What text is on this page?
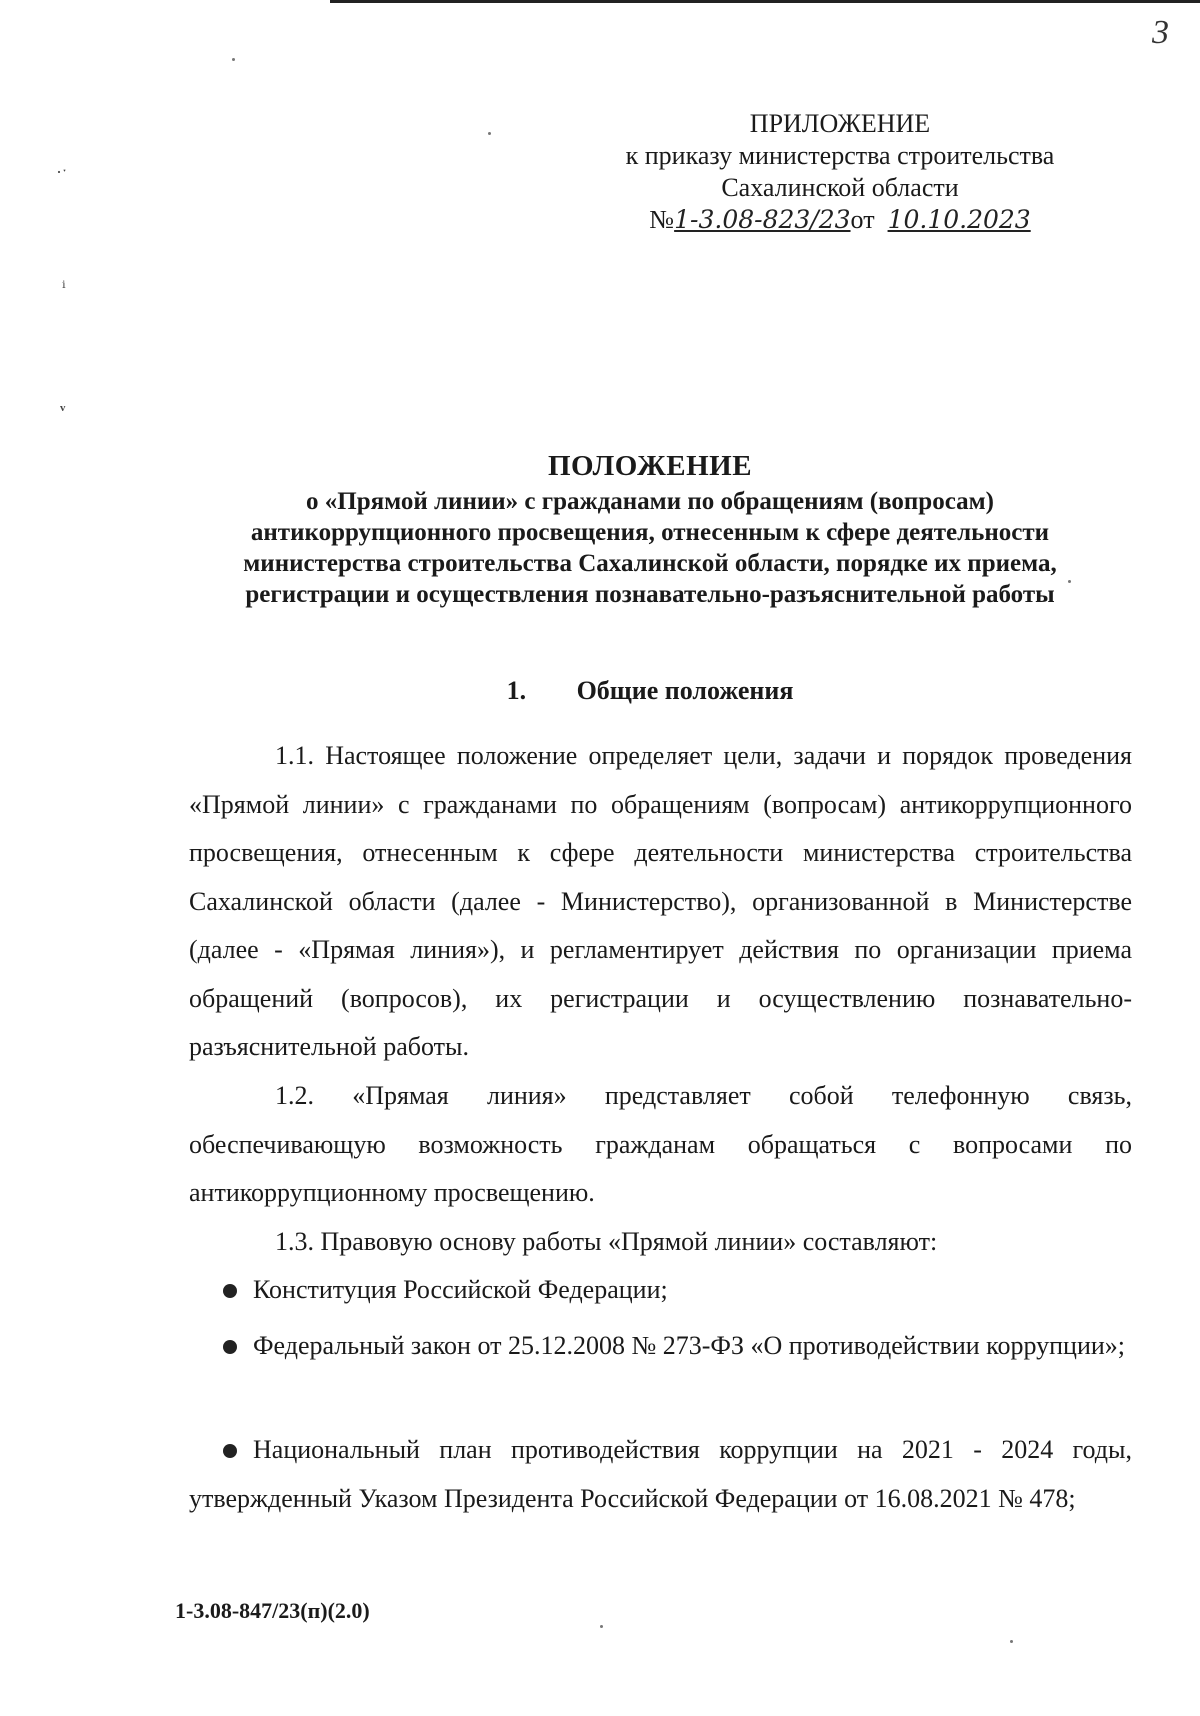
3
·ˑ
ⁱ
ᵛ
ПРИЛОЖЕНИЕ
к приказу министерства строительства
Сахалинской области
№1-3.08-823/23от 10.10.2023
ПОЛОЖЕНИЕ
о «Прямой линии» с гражданами по обращениям (вопросам)
антикоррупционного просвещения, отнесенным к сфере деятельности
министерства строительства Сахалинской области, порядке их приема,
регистрации и осуществления познавательно-разъяснительной работы
1. Общие положения

1.1. Настоящее положение определяет цели, задачи и порядок проведения «Прямой линии» с гражданами по обращениям (вопросам) антикоррупционного просвещения, отнесенным к сфере деятельности министерства строительства Сахалинской области (далее - Министерство), организованной в Министерстве (далее - «Прямая линия»), и регламентирует действия по организации приема обращений (вопросов), их регистрации и осуществлению познавательно-разъяснительной работы.

1.2. «Прямая линия» представляет собой телефонную связь, обеспечивающую возможность гражданам обращаться с вопросами по антикоррупционному просвещению.

1.3. Правовую основу работы «Прямой линии» составляют:

Конституция Российской Федерации;

Федеральный закон от 25.12.2008 № 273-ФЗ «О противодействии коррупции»;

Национальный план противодействия коррупции на 2021 - 2024 годы, утвержденный Указом Президента Российской Федерации от 16.08.2021 № 478;

1-3.08-847/23(п)(2.0)
